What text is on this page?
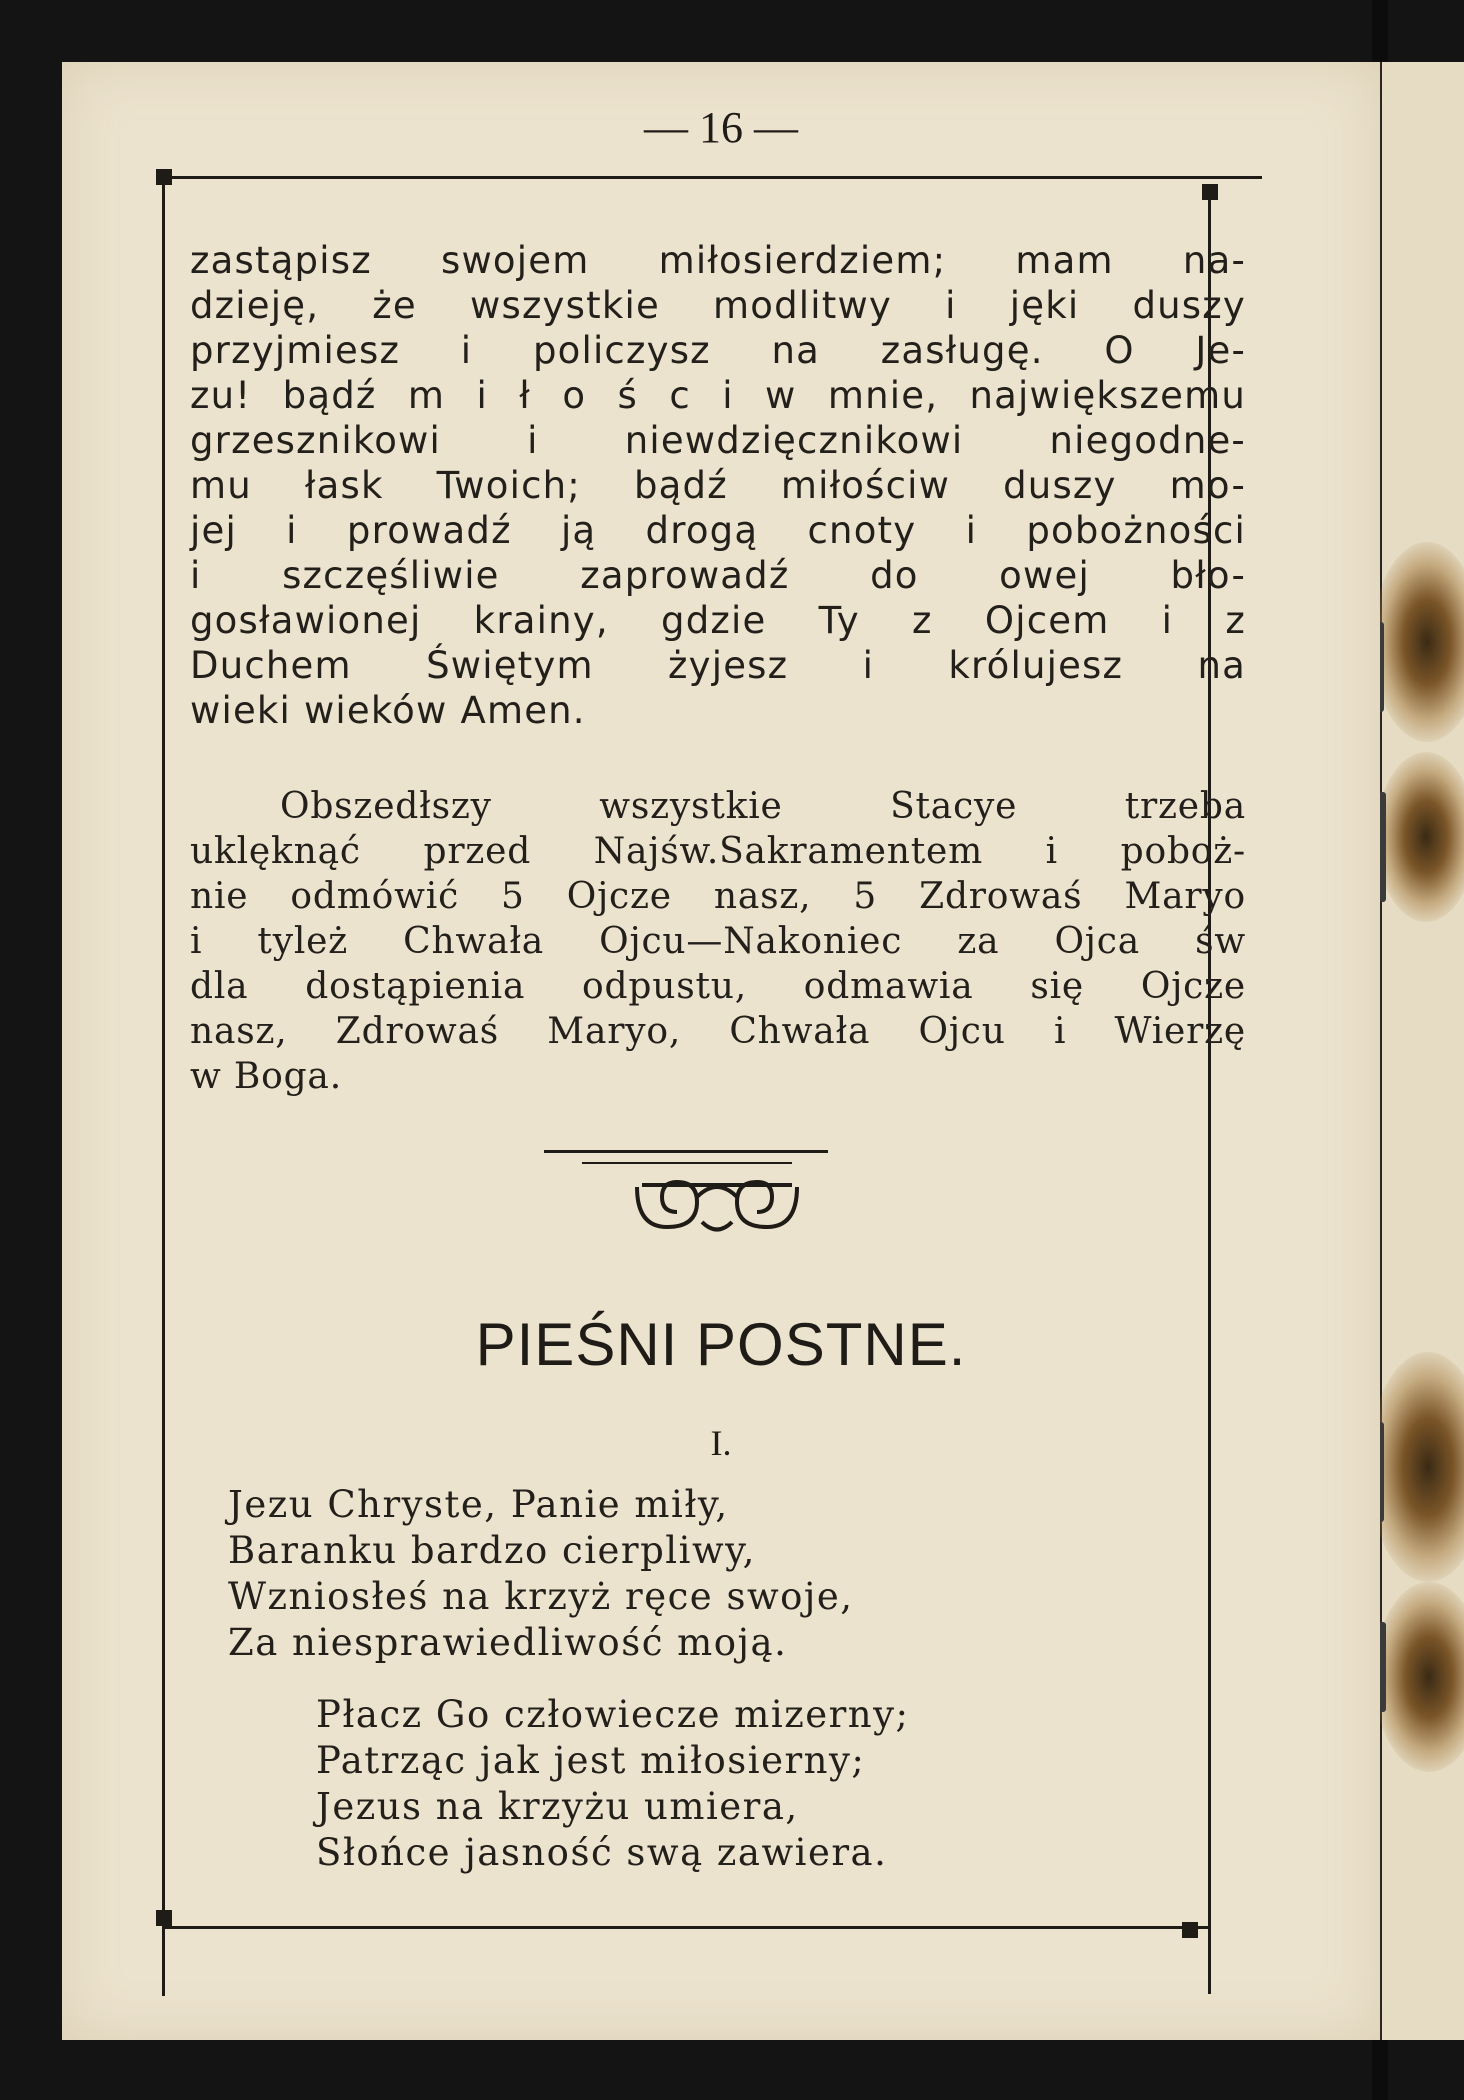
— 16 —

zastąpisz swojem miłosierdziem; mam na-

dzieję, że wszystkie modlitwy i jęki duszy

przyjmiesz i policzysz na zasługę. O Je-

zu! bądź m i ł o ś c i w mnie, największemu

grzesznikowi i niewdzięcznikowi niegodne-

mu łask Twoich; bądź miłościw duszy mo-

jej i prowadź ją drogą cnoty i pobożności

i szczęśliwie zaprowadź do owej bło-

gosławionej krainy, gdzie Ty z Ojcem i z

Duchem Świętym żyjesz i królujesz na

wieki wieków Amen.

Obszedłszy wszystkie Stacye trzeba

uklęknąć przed Najśw.Sakramentem i poboż-

nie odmówić 5 Ojcze nasz, 5 Zdrowaś Maryo

i tyleż Chwała Ojcu—Nakoniec za Ojca św

dla dostąpienia odpustu, odmawia się Ojcze

nasz, Zdrowaś Maryo, Chwała Ojcu i Wierzę

w Boga.

PIEŚNI POSTNE.
I.
Jezu Chryste, Panie miły,
Baranku bardzo cierpliwy,
Wzniosłeś na krzyż ręce swoje,
Za niesprawiedliwość moją.
Płacz Go człowiecze mizerny;
Patrząc jak jest miłosierny;
Jezus na krzyżu umiera,
Słońce jasność swą zawiera.
